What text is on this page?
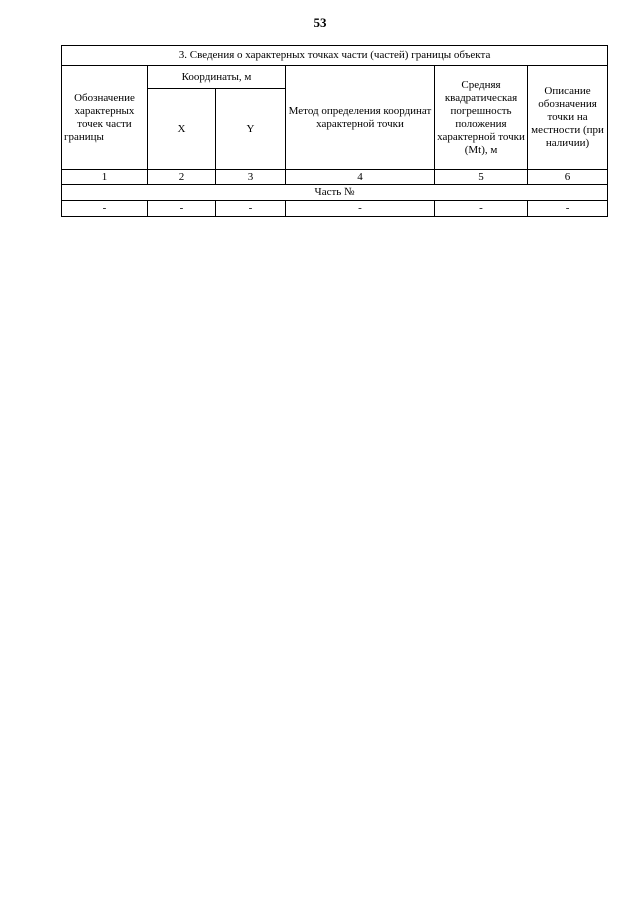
53
3. Сведения о характерных точках части (частей) границы объекта					
Обозначение характерных точек части границы	Координаты, м		Метод определения координат характерной точки	Средняя квадратическая погрешность положения характерной точки (Mt), м	Описание обозначения точки на местности (при наличии)
	X	Y			
1	2	3	4	5	6
Часть №					
-	-	-	-	-	-
